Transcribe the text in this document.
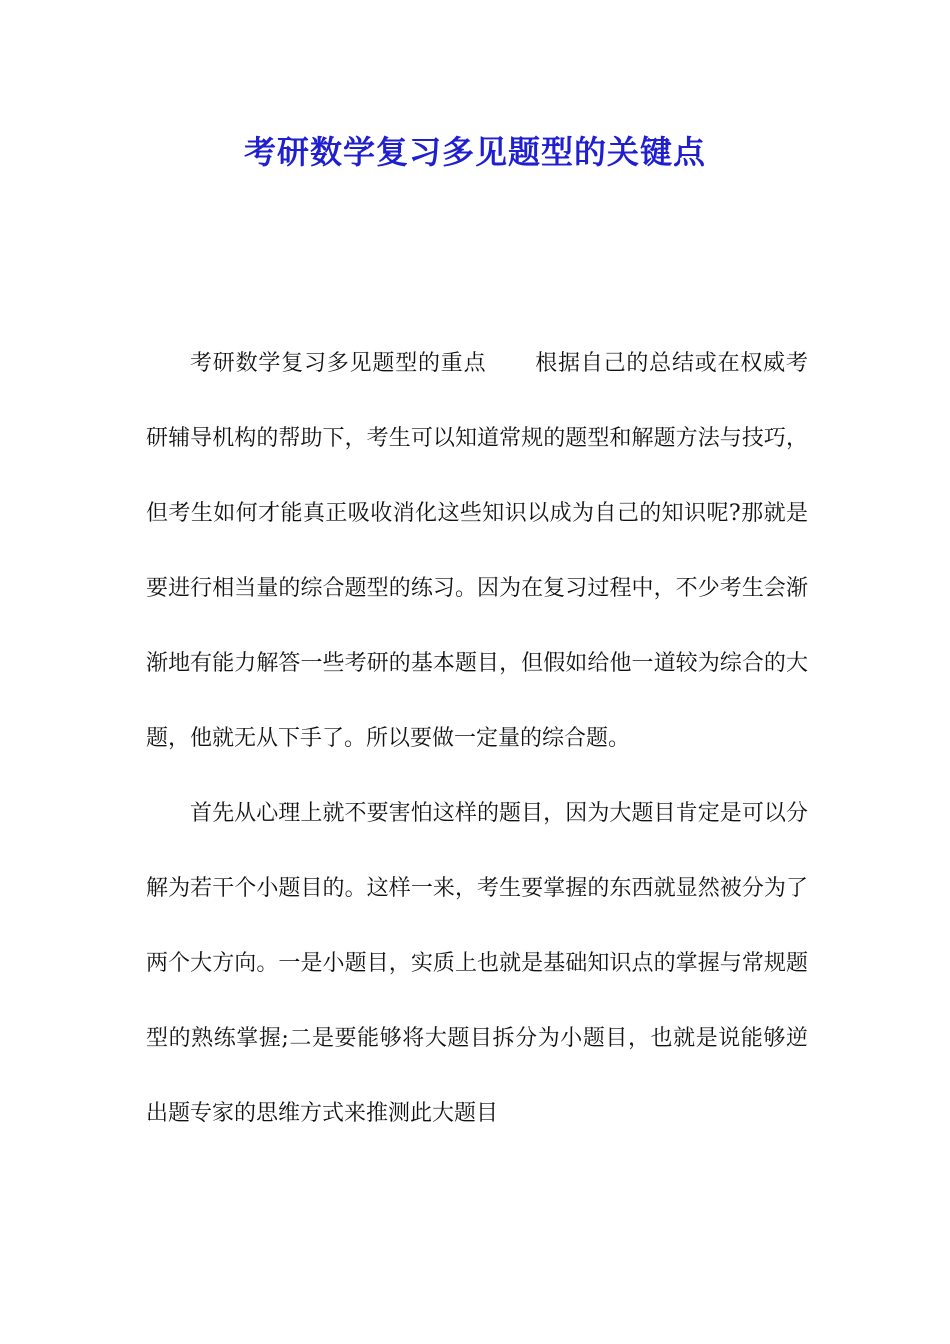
考研数学复习多见题型的关键点

考研数学复习多见题型的重点 根据自己的总结或在权威考研辅导机构的帮助下，考生可以知道常规的题型和解题方法与技巧，但考生如何才能真正吸收消化这些知识以成为自己的知识呢?那就是要进行相当量的综合题型的练习。因为在复习过程中，不少考生会渐渐地有能力解答一些考研的基本题目，但假如给他一道较为综合的大题，他就无从下手了。所以要做一定量的综合题。

首先从心理上就不要害怕这样的题目，因为大题目肯定是可以分解为若干个小题目的。这样一来，考生要掌握的东西就显然被分为了两个大方向。一是小题目，实质上也就是基础知识点的掌握与常规题型的熟练掌握;二是要能够将大题目拆分为小题目，也就是说能够逆出题专家的思维方式来推测此大题目
